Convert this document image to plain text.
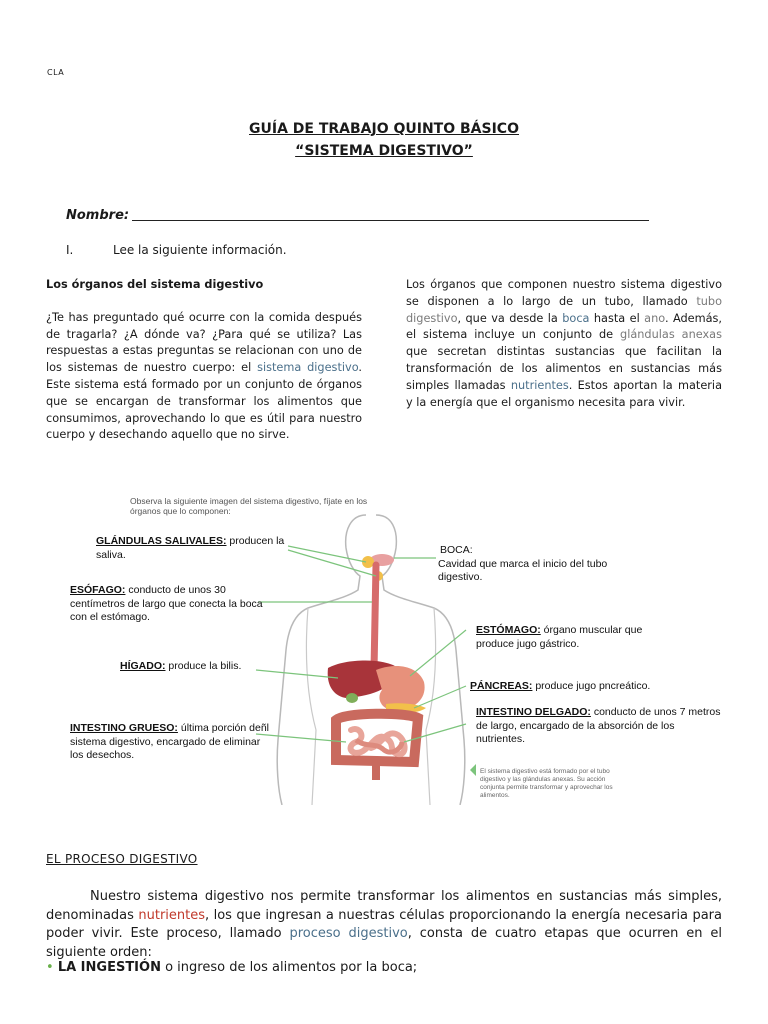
CLA
GUÍA DE TRABAJO QUINTO BÁSICO
“SISTEMA DIGESTIVO”
Nombre:
I.	Lee la siguiente información.
Los órganos del sistema digestivo

¿Te has preguntado qué ocurre con la comida después de tragarla? ¿A dónde va? ¿Para qué se utiliza? Las respuestas a estas preguntas se relacionan con uno de los sistemas de nuestro cuerpo: el sistema digestivo. Este sistema está formado por un conjunto de órganos que se encargan de transformar los alimentos que consumimos, aprovechando lo que es útil para nuestro cuerpo y desechando aquello que no sirve.

Los órganos que componen nuestro sistema digestivo se disponen a lo largo de un tubo, llamado tubo digestivo, que va desde la boca hasta el ano. Además, el sistema incluye un conjunto de glándulas anexas que secretan distintas sustancias que facilitan la transformación de los alimentos en sustancias más simples llamadas nutrientes. Estos aportan la materia y la energía que el organismo necesita para vivir.

Observa la siguiente imagen del sistema digestivo, fíjate en los órganos que lo componen:
GLÁNDULAS SALIVALES: producen la saliva.
ESÓFAGO: conducto de unos 30 centímetros de largo que conecta la boca con el estómago.
HÍGADO: produce la bilis.
INTESTINO GRUESO: última porción deñl sistema digestivo, encargado de eliminar los desechos.
BOCA:
Cavidad que marca el inicio del tubo digestivo.
ESTÓMAGO: órgano muscular que produce jugo gástrico.
PÁNCREAS: produce jugo pncreático.
INTESTINO DELGADO: conducto de unos 7 metros de largo, encargado de la absorción de los nutrientes.
El sistema digestivo está formado por el tubo digestivo y las glándulas anexas. Su acción conjunta permite transformar y aprovechar los alimentos.
EL PROCESO DIGESTIVO
Nuestro sistema digestivo nos permite transformar los alimentos en sustancias más simples, denominadas nutrientes, los que ingresan a nuestras células proporcionando la energía necesaria para poder vivir. Este proceso, llamado proceso digestivo, consta de cuatro etapas que ocurren en el siguiente orden:
• LA INGESTIÓN o ingreso de los alimentos por la boca;
